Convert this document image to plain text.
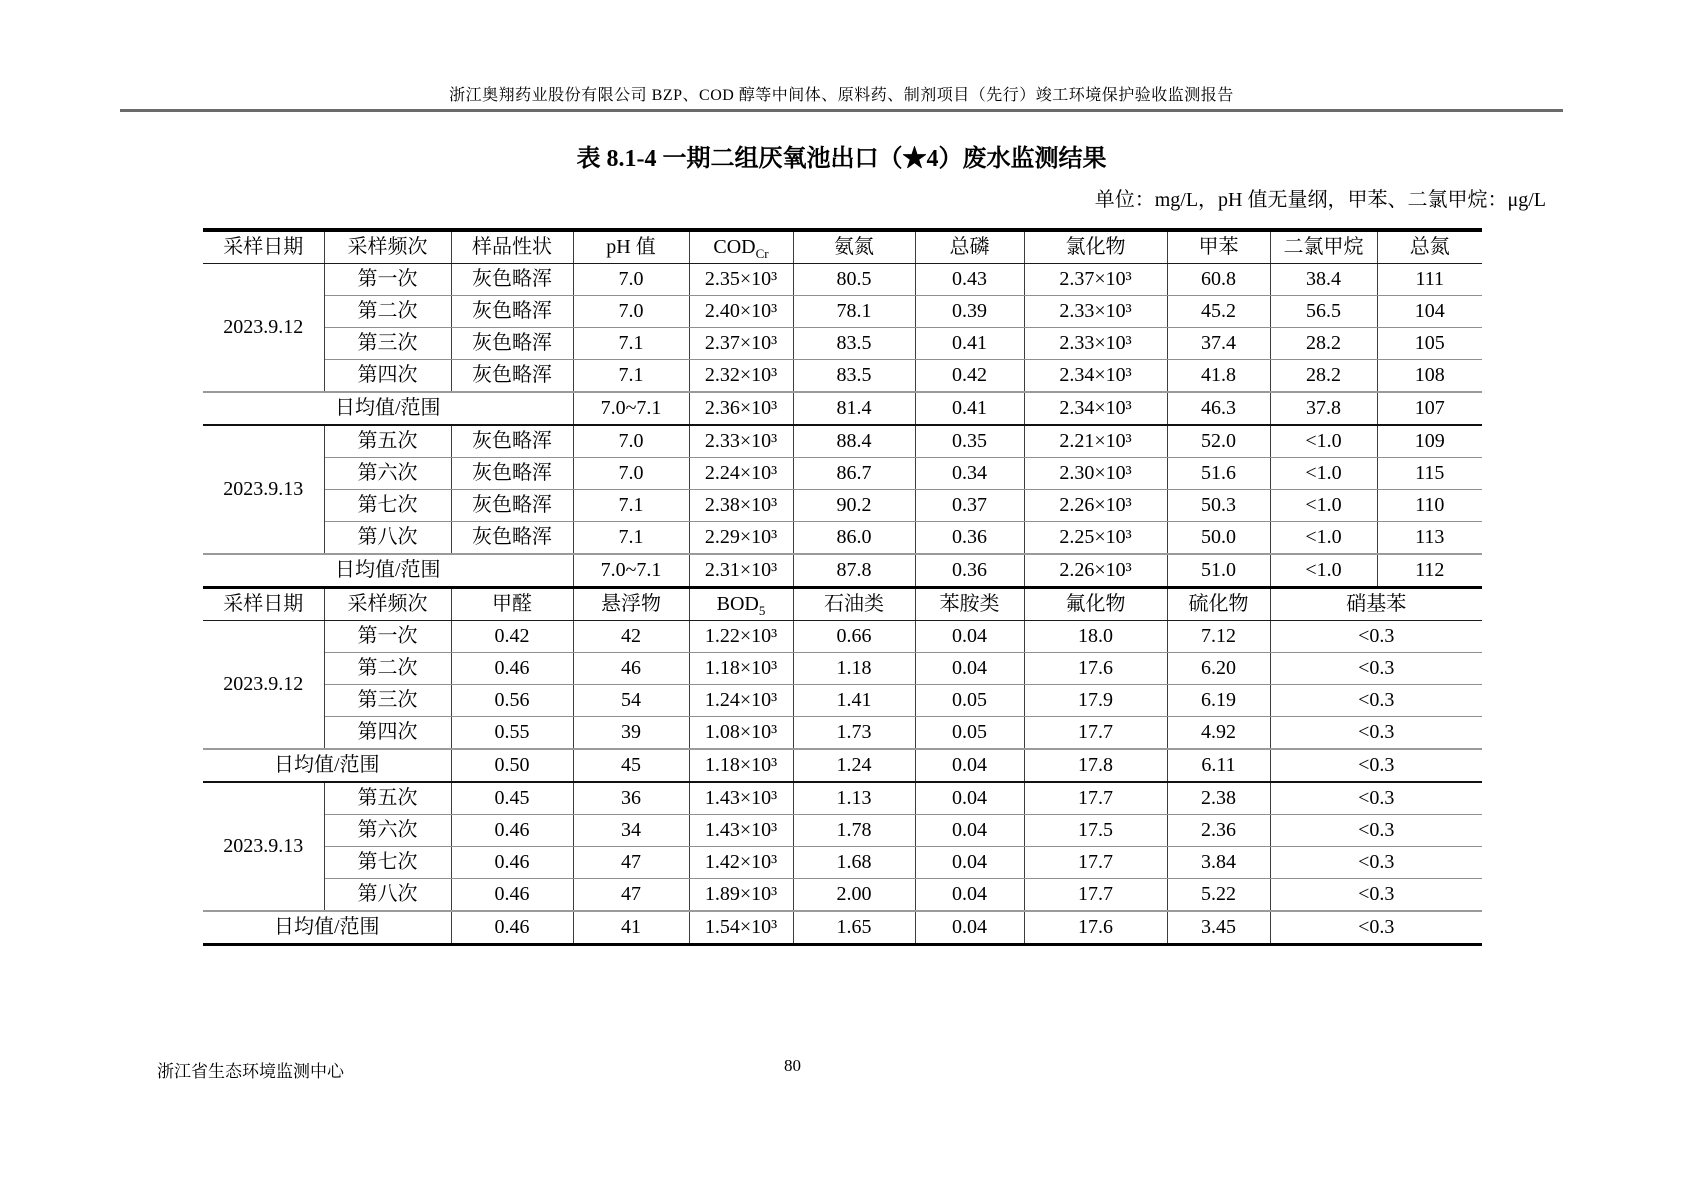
浙江奥翔药业股份有限公司 BZP、COD 醇等中间体、原料药、制剂项目（先行）竣工环境保护验收监测报告
表 8.1-4 一期二组厌氧池出口（★4）废水监测结果
单位：mg/L，pH 值无量纲，甲苯、二氯甲烷：μg/L
采样日期	采样频次	样品性状	pH 值	$COD_{Cr}$	氨氮	总磷	氯化物	甲苯	二氯甲烷	总氮
2023.9.12	第一次	灰色略浑	7.0	2.35×10³	80.5	0.43	2.37×10³	60.8	38.4	111
	第二次	灰色略浑	7.0	2.40×10³	78.1	0.39	2.33×10³	45.2	56.5	104
	第三次	灰色略浑	7.1	2.37×10³	83.5	0.41	2.33×10³	37.4	28.2	105
	第四次	灰色略浑	7.1	2.32×10³	83.5	0.42	2.34×10³	41.8	28.2	108
日均值/范围			7.0~7.1	2.36×10³	81.4	0.41	2.34×10³	46.3	37.8	107
2023.9.13	第五次	灰色略浑	7.0	2.33×10³	88.4	0.35	2.21×10³	52.0	<1.0	109
	第六次	灰色略浑	7.0	2.24×10³	86.7	0.34	2.30×10³	51.6	<1.0	115
	第七次	灰色略浑	7.1	2.38×10³	90.2	0.37	2.26×10³	50.3	<1.0	110
	第八次	灰色略浑	7.1	2.29×10³	86.0	0.36	2.25×10³	50.0	<1.0	113
日均值/范围			7.0~7.1	2.31×10³	87.8	0.36	2.26×10³	51.0	<1.0	112
采样日期	采样频次	甲醛	悬浮物	$BOD_5$	石油类	苯胺类	氟化物	硫化物	硝基苯	
2023.9.12	第一次	0.42	42	1.22×10³	0.66	0.04	18.0	7.12	<0.3	
	第二次	0.46	46	1.18×10³	1.18	0.04	17.6	6.20	<0.3	
	第三次	0.56	54	1.24×10³	1.41	0.05	17.9	6.19	<0.3	
	第四次	0.55	39	1.08×10³	1.73	0.05	17.7	4.92	<0.3	
日均值/范围		0.50	45	1.18×10³	1.24	0.04	17.8	6.11	<0.3	
2023.9.13	第五次	0.45	36	1.43×10³	1.13	0.04	17.7	2.38	<0.3	
	第六次	0.46	34	1.43×10³	1.78	0.04	17.5	2.36	<0.3	
	第七次	0.46	47	1.42×10³	1.68	0.04	17.7	3.84	<0.3	
	第八次	0.46	47	1.89×10³	2.00	0.04	17.7	5.22	<0.3	
日均值/范围		0.46	41	1.54×10³	1.65	0.04	17.6	3.45	<0.3	
浙江省生态环境监测中心	80
